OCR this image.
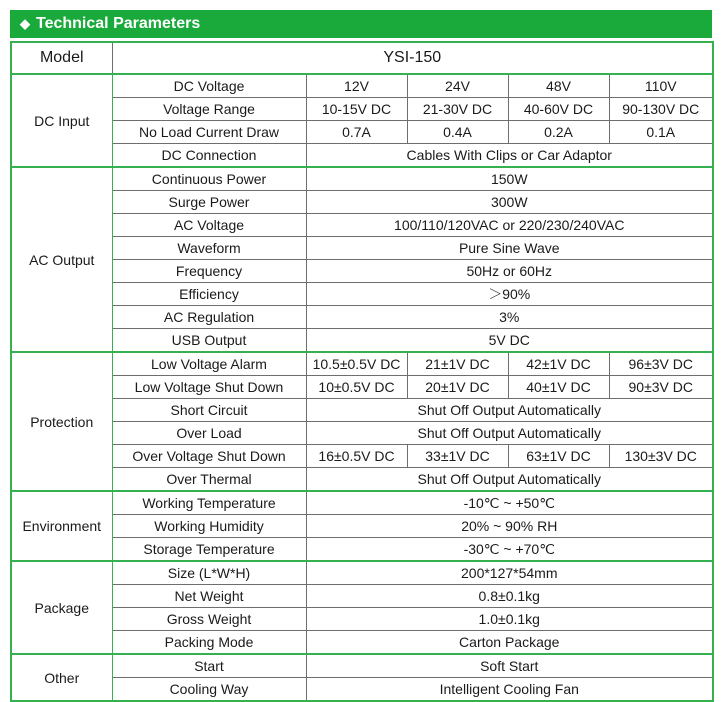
◆ Technical Parameters
Model	YSI-150				
DC Input	DC Voltage	12V	24V	48V	110V
	Voltage Range	10-15V DC	21-30V DC	40-60V DC	90-130V DC
	No Load Current Draw	0.7A	0.4A	0.2A	0.1A
	DC Connection	Cables With Clips or Car Adaptor			
AC Output	Continuous Power	150W			
	Surge Power	300W			
	AC Voltage	100/110/120VAC or 220/230/240VAC			
	Waveform	Pure Sine Wave			
	Frequency	50Hz or 60Hz			
	Efficiency	＞90%			
	AC Regulation	3%			
	USB Output	5V DC			
Protection	Low Voltage Alarm	10.5±0.5V DC	21±1V DC	42±1V DC	96±3V DC
	Low Voltage Shut Down	10±0.5V DC	20±1V DC	40±1V DC	90±3V DC
	Short Circuit	Shut Off Output Automatically			
	Over Load	Shut Off Output Automatically			
	Over Voltage Shut Down	16±0.5V DC	33±1V DC	63±1V DC	130±3V DC
	Over Thermal	Shut Off Output Automatically			
Environment	Working Temperature	-10℃ ~ +50℃			
	Working Humidity	20% ~ 90% RH			
	Storage Temperature	-30℃ ~ +70℃			
Package	Size (L*W*H)	200*127*54mm			
	Net Weight	0.8±0.1kg			
	Gross Weight	1.0±0.1kg			
	Packing Mode	Carton Package			
Other	Start	Soft Start			
	Cooling Way	Intelligent Cooling Fan			
